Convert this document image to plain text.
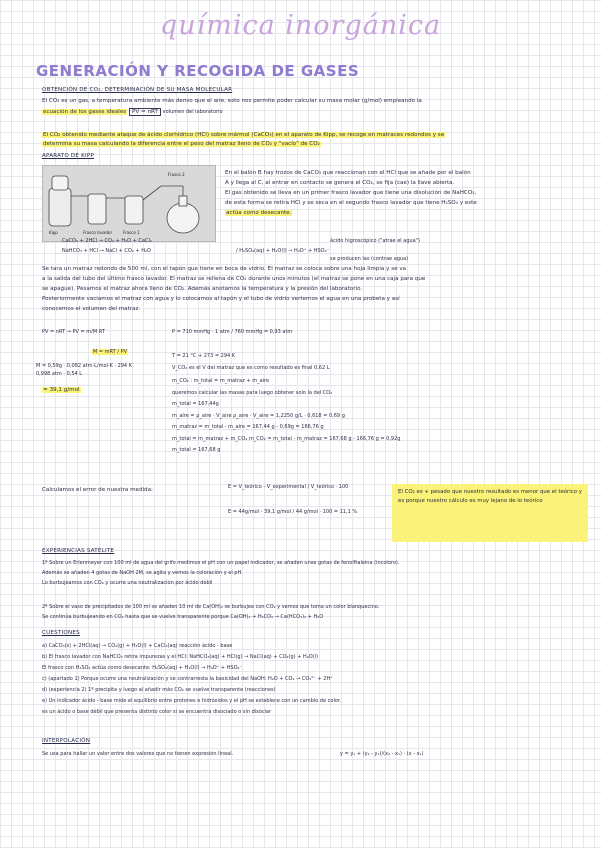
química inorgánica
GENERACIÓN Y RECOGIDA DE GASES
OBTENCIÓN DE CO₂. DETERMINACIÓN DE SU MASA MOLECULAR
El CO₂ es un gas, a temperatura ambiente más denso que el aire, esto nos permite poder calcular su masa molar (g/mol) empleando la
ecuación de los gases ideales PV = nRT volumen del laboratorio
El CO₂ obtenido mediante ataque de ácido clorhídrico (HCl) sobre mármol (CaCO₃) en el aparato de Kipp, se recoge en matraces redondos y se
determina su masa calculando la diferencia entre el peso del matraz lleno de CO₂ y "vacío" de CO₂
APARATO DE KIPP
Frasco lavador	Frasco 1
Frasco 2
Kipp
En el balón B hay trozos de CaCO₃ que reaccionan con el HCl que se añade por el balón
A y llega al C, al entrar en contacto se genera el CO₂, se fija (cae) la llave abierta.
El gas obtenido se lleva en un primer frasco lavador que tiene una disolución de NaHCO₃,
de esta forma se retira HCl y se seca en el segundo frasco lavador que tiene H₂SO₄ y este
actúa como desecante.
CaCO₃ + 2HCl → CO₂ + H₂O + CaCl₂
NaHCO₃ + HCl → NaCl + CO₂ + H₂O	/ H₂SO₄(aq) + H₂O(l) → H₃O⁺ + HSO₄⁻
ácido higroscópico ("atrae el agua")
se producen las (contrae agua)
Se tara un matraz redondo de 500 ml, con el tapón que tiene en boca de vidrio. El matraz se coloca sobre una hoja limpia y se va
a la salida del tubo del último frasco lavador. El matraz se rellena de CO₂ durante unos minutos (el matraz se pone en una caja para que
se apague). Pesamos el matraz ahora lleno de CO₂. Además anotamos la temperatura y la presión del laboratorio.
Posteriormente vaciamos el matraz con agua y lo colocamos al tapón y el tubo de vidrio vertemos el agua en una probeta y así
conocemos el volumen del matraz.
PV = nRT → PV = m/M RT
M = mRT / PV
M = 0,59g · 0,082 atm·L/mol·K · 294 K
0,998 atm · 0,54 L
= 39,1 g/mol
P = 710 mmHg · 1 atm / 760 mmHg = 0,93 atm
T = 21 °C + 273 = 294 K
V_CO₂ es el V del matraz que es como resultado es final 0,62 L
m_CO₂ : m_total = m_matraz + m_aire
queremos calcular las masas para luego obtener solo la del CO₂
m_total = 167,44g
m_aire = ρ_aire · V_aire ρ_aire · V_aire = 1,2250 g/L · 0,618 = 0,69 g
m_matraz = m_total - m_aire = 167,44 g - 0,69g = 166,76 g
m_total = m_matraz + m_CO₂ m_CO₂ = m_total - m_matraz = 167,68 g - 166,76 g = 0,92g
m_total = 167,68 g
Calculamos el error de nuestra medida:	E = V_teórico - V_experimental / V_teórico · 100
E = 44g/mol - 39,1 g/mol / 44 g/mol · 100 = 11,1 %
El CO₂ es + pesado que nuestro resultado es menor que el teórico y es porque nuestro cálculo es muy lejano de lo teórico
EXPERIENCIAS SATÉLITE
1º Sobre un Erlenmeyer con 100 ml de agua del grifo medimos el pH con un papel indicador, se añaden unas gotas de fenolftaleína (incoloro).
Además se añaden 4 gotas de NaOH 2M, se agita y vemos la coloración y el pH.
Lo burbujeamos con CO₂ y ocurre una neutralización por ácido débil
2º Sobre el vaso de precipitados de 100 ml se añaden 10 ml de Ca(OH)₂ se burbujea con CO₂ y vemos que toma un color blanquecino.
Se continúa burbujeando en CO₂ hasta que se vuelve transparente porque Ca(OH)₂ + H₂CO₃ → Ca(HCO₃)₂ + H₂O
CUESTIONES
a) CaCO₃(s) + 2HCl(aq) → CO₂(g) + H₂O(l) + CaCl₂(aq) reacción ácido - base
b) El frasco lavador con NaHCO₃ retira impurezas y el HCl: NaHCO₃(aq) + HCl(g) → NaCl(aq) + CO₂(g) + H₂O(l)
El frasco con H₂SO₄ actúa como desecante: H₂SO₄(aq) + H₂O(l) → H₃O⁺ + HSO₄⁻
c) (apartado 1) Porque ocurre una neutralización y se contrarresta la basicidad del NaOH: H₂O + CO₂ → CO₃²⁻ + 2H⁺
d) (experiencia 2) 1º precipita y luego al añadir más CO₂ se vuelve transparente (reacciones)
e) Un indicador ácido - base mide el equilibrio entre protones e hidróxidos y el pH se establece con un cambio de color.
es un ácido o base débil que presenta distinto color si se encuentra disociado o sin disociar
INTERPOLACIÓN
Se usa para hallar un valor entre dos valores que no tienen expresión lineal.	y = y₁ + (y₂ - y₁)/(x₂ - x₁) · (x - x₁)
